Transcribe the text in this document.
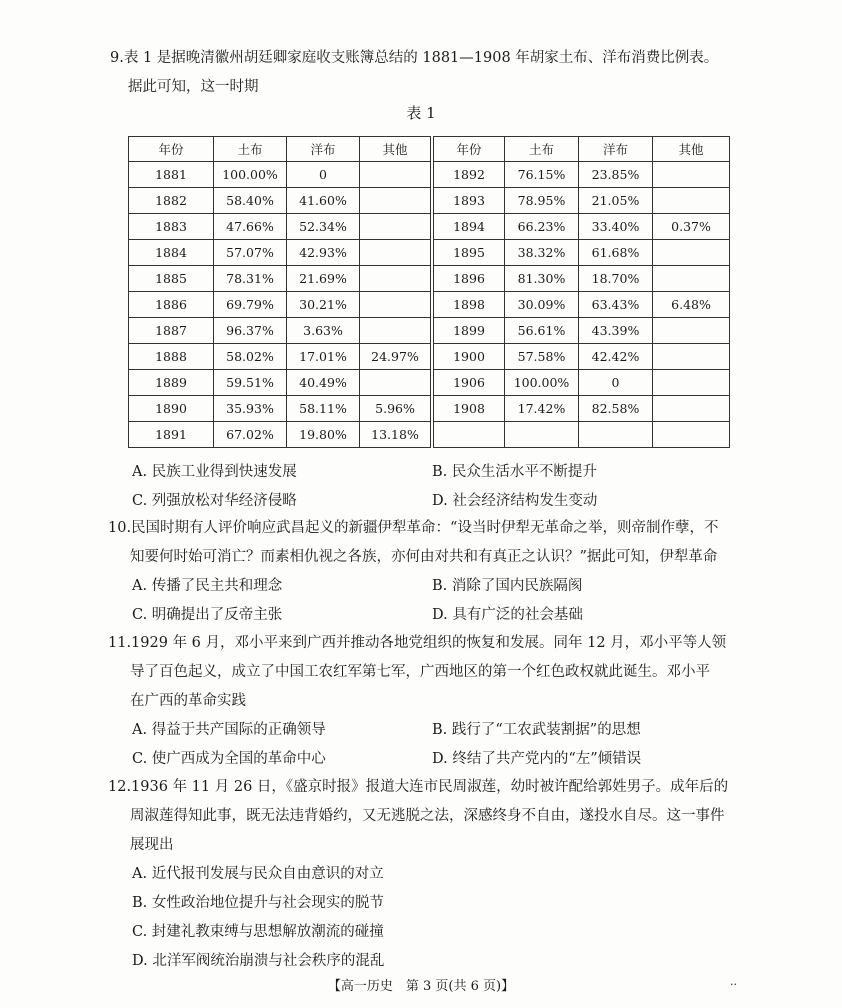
9.表 1 是据晚清徽州胡廷卿家庭收支账簿总结的 1881—1908 年胡家土布、洋布消费比例表。

据此可知，这一时期

表 1
年份	土布	洋布	其他		年份	土布	洋布	其他
1881	100.00%	0			1892	76.15%	23.85%	
1882	58.40%	41.60%			1893	78.95%	21.05%	
1883	47.66%	52.34%			1894	66.23%	33.40%	0.37%
1884	57.07%	42.93%			1895	38.32%	61.68%	
1885	78.31%	21.69%			1896	81.30%	18.70%	
1886	69.79%	30.21%			1898	30.09%	63.43%	6.48%
1887	96.37%	3.63%			1899	56.61%	43.39%	
1888	58.02%	17.01%	24.97%		1900	57.58%	42.42%	
1889	59.51%	40.49%			1906	100.00%	0	
1890	35.93%	58.11%	5.96%		1908	17.42%	82.58%	
1891	67.02%	19.80%	13.18%					
A. 民族工业得到快速发展	B. 民众生活水平不断提升
C. 列强放松对华经济侵略	D. 社会经济结构发生变动

10.民国时期有人评价响应武昌起义的新疆伊犁革命：“设当时伊犁无革命之举，则帝制作孽，不

知要何时始可消亡？而素相仇视之各族，亦何由对共和有真正之认识？”据此可知，伊犁革命

A. 传播了民主共和理念	B. 消除了国内民族隔阂
C. 明确提出了反帝主张	D. 具有广泛的社会基础

11.1929 年 6 月，邓小平来到广西并推动各地党组织的恢复和发展。同年 12 月，邓小平等人领

导了百色起义，成立了中国工农红军第七军，广西地区的第一个红色政权就此诞生。邓小平

在广西的革命实践

A. 得益于共产国际的正确领导	B. 践行了“工农武装割据”的思想
C. 使广西成为全国的革命中心	D. 终结了共产党内的“左”倾错误

12.1936 年 11 月 26 日，《盛京时报》报道大连市民周淑莲，幼时被许配给郭姓男子。成年后的

周淑莲得知此事，既无法违背婚约，又无逃脱之法，深感终身不自由，遂投水自尽。这一事件

展现出

A. 近代报刊发展与民众自由意识的对立
B. 女性政治地位提升与社会现实的脱节
C. 封建礼教束缚与思想解放潮流的碰撞
D. 北洋军阀统治崩溃与社会秩序的混乱
【高一历史　第 3 页(共 6 页)】	..
